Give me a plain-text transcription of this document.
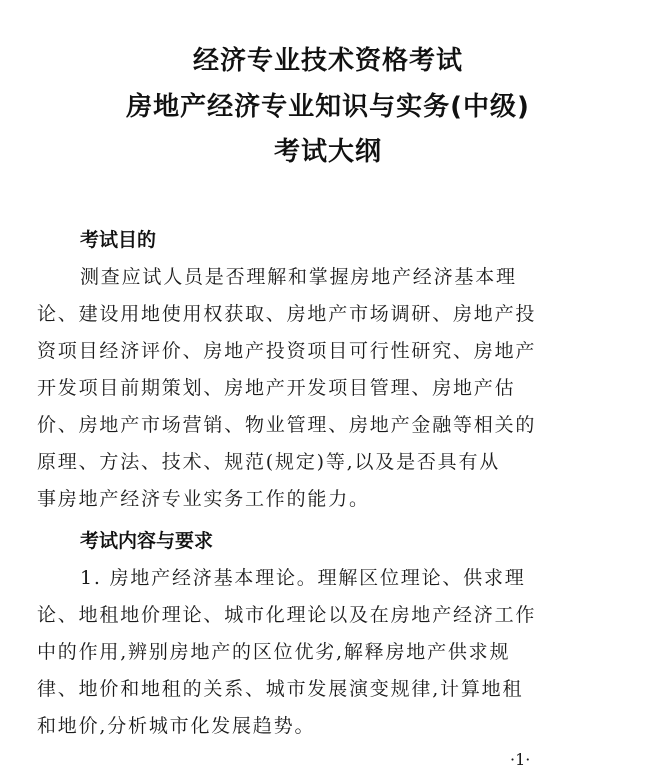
经济专业技术资格考试
房地产经济专业知识与实务(中级)
考试大纲
考试目的
测查应试人员是否理解和掌握房地产经济基本理
论、建设用地使用权获取、房地产市场调研、房地产投
资项目经济评价、房地产投资项目可行性研究、房地产
开发项目前期策划、房地产开发项目管理、房地产估
价、房地产市场营销、物业管理、房地产金融等相关的
原理、方法、技术、规范(规定)等,以及是否具有从
事房地产经济专业实务工作的能力。
考试内容与要求
1. 房地产经济基本理论。理解区位理论、供求理
论、地租地价理论、城市化理论以及在房地产经济工作
中的作用,辨别房地产的区位优劣,解释房地产供求规
律、地价和地租的关系、城市发展演变规律,计算地租
和地价,分析城市化发展趋势。
·1·
